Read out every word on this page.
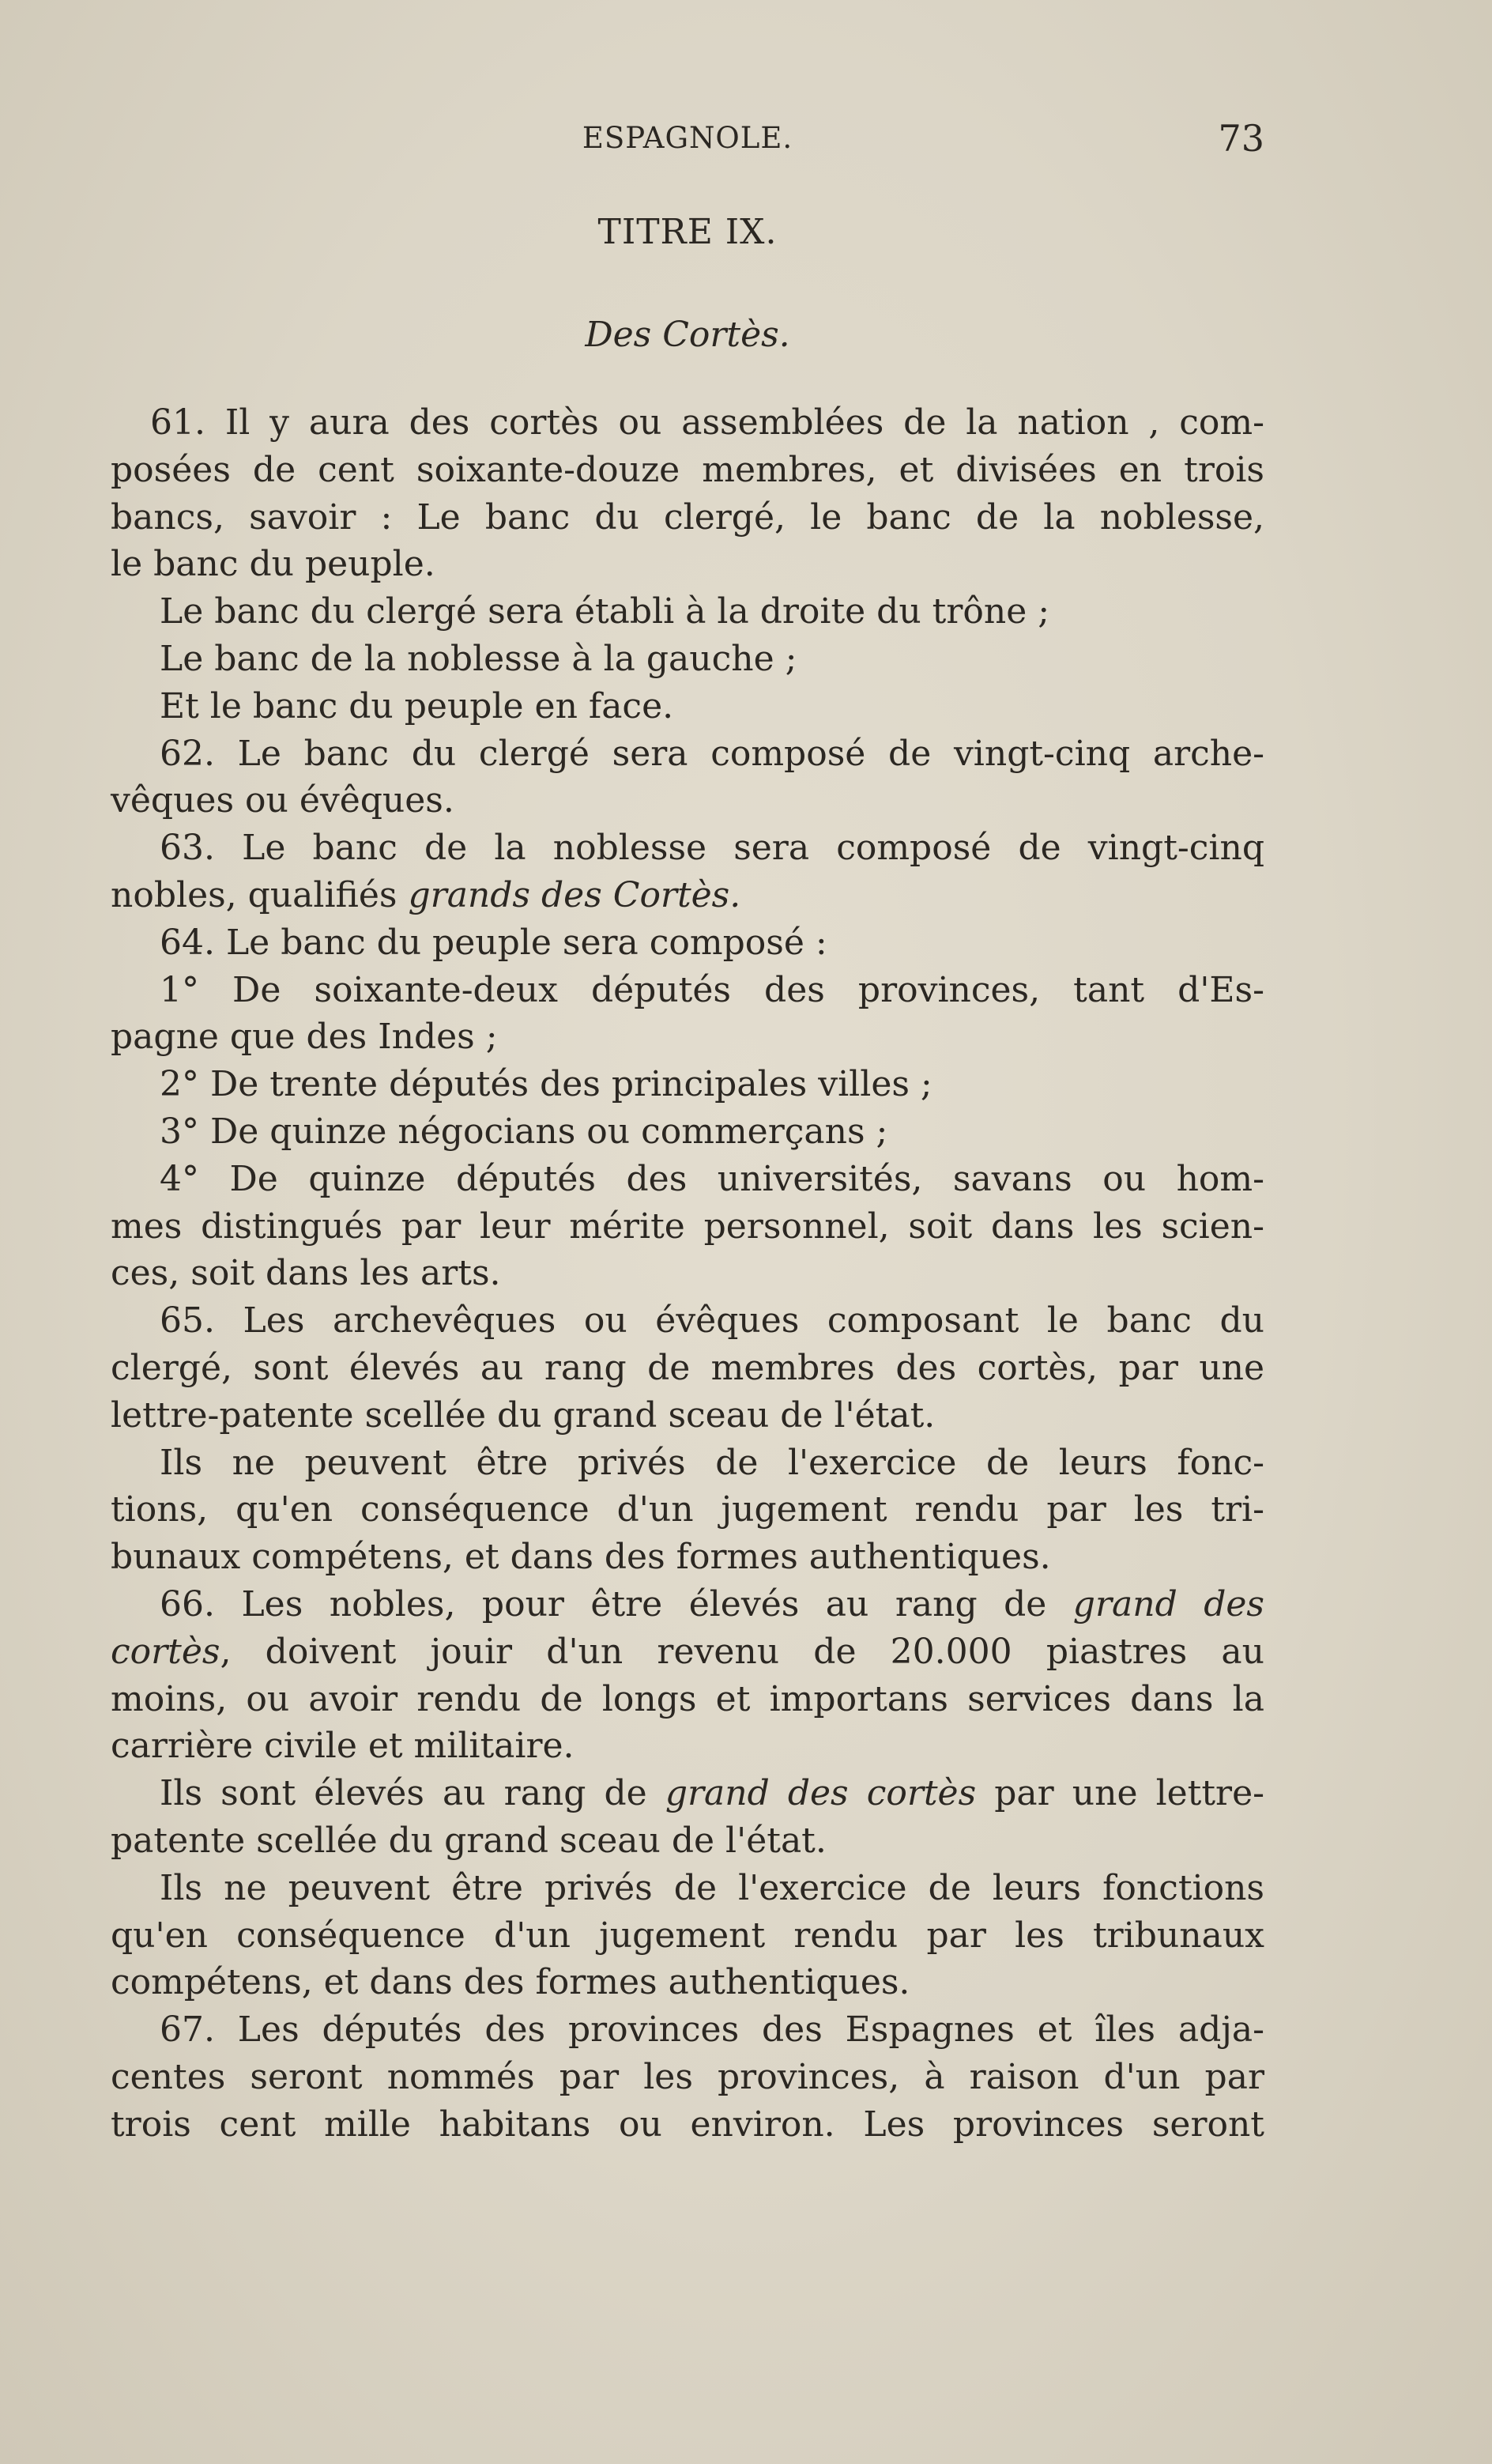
ESPAGNOLE.	73
TITRE IX.
Des Cortès.
61. Il y aura des cortès ou assemblées de la nation , com-
posées de cent soixante-douze membres, et divisées en trois
bancs, savoir : Le banc du clergé, le banc de la noblesse,
le banc du peuple.
Le banc du clergé sera établi à la droite du trône ;
Le banc de la noblesse à la gauche ;
Et le banc du peuple en face.
62. Le banc du clergé sera composé de vingt-cinq arche-
vêques ou évêques.
63. Le banc de la noblesse sera composé de vingt-cinq
nobles, qualifiés grands des Cortès.
64. Le banc du peuple sera composé :
1° De soixante-deux députés des provinces, tant d'Es-
pagne que des Indes ;
2° De trente députés des principales villes ;
3° De quinze négocians ou commerçans ;
4° De quinze députés des universités, savans ou hom-
mes distingués par leur mérite personnel, soit dans les scien-
ces, soit dans les arts.
65. Les archevêques ou évêques composant le banc du
clergé, sont élevés au rang de membres des cortès, par une
lettre-patente scellée du grand sceau de l'état.
Ils ne peuvent être privés de l'exercice de leurs fonc-
tions, qu'en conséquence d'un jugement rendu par les tri-
bunaux compétens, et dans des formes authentiques.
66. Les nobles, pour être élevés au rang de grand des
cortès, doivent jouir d'un revenu de 20.000 piastres au
moins, ou avoir rendu de longs et importans services dans la
carrière civile et militaire.
Ils sont élevés au rang de grand des cortès par une lettre-
patente scellée du grand sceau de l'état.
Ils ne peuvent être privés de l'exercice de leurs fonctions
qu'en conséquence d'un jugement rendu par les tribunaux
compétens, et dans des formes authentiques.
67. Les députés des provinces des Espagnes et îles adja-
centes seront nommés par les provinces, à raison d'un par
trois cent mille habitans ou environ. Les provinces seront
